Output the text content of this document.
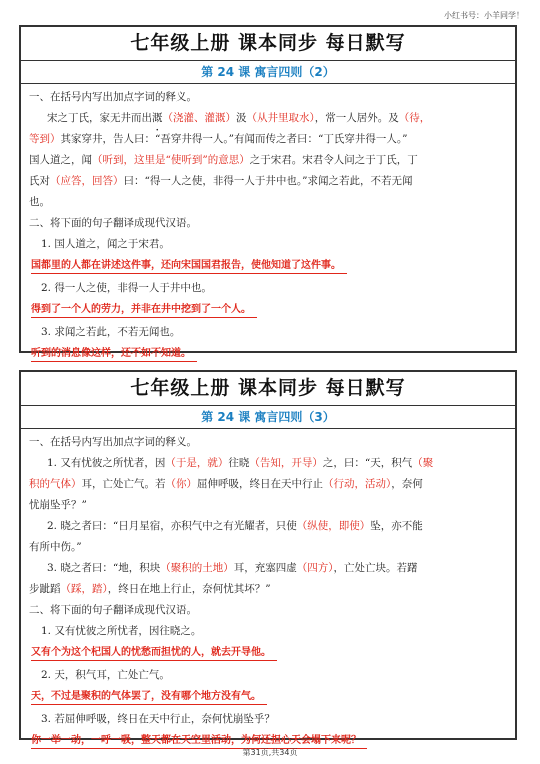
小红书号：小羊同学！
七年级上册 课本同步 每日默写
第 24 课 寓言四则（2）
一、在括号内写出加点字词的释义。
宋之丁氏，家无井而出溉（浇灌、灌溉）汲（从井里取水），常一人居外。及（待，
等到）其家穿井，告人曰：“吾穿井得一人。”有闻而传之者曰：“丁氏穿井得一人。”
国人道之，闻（听到，这里是“使听到”的意思）之于宋君。宋君令人问之于丁氏，丁
氏对（应答，回答）曰：“得一人之使，非得一人于井中也。”求闻之若此，不若无闻
也。
二、将下面的句子翻译成现代汉语。
1. 国人道之，闻之于宋君。
国都里的人都在讲述这件事，还向宋国国君报告，使他知道了这件事。
2. 得一人之使，非得一人于井中也。
得到了一个人的劳力，并非在井中挖到了一个人。
3. 求闻之若此，不若无闻也。
听到的消息像这样，还不如不知道。
七年级上册 课本同步 每日默写
第 24 课 寓言四则（3）
一、在括号内写出加点字词的释义。
1. 又有忧彼之所忧者，因（于是，就）往晓（告知，开导）之，曰：“天，积气（聚
积的气体）耳，亡处亡气。若（你）屈伸呼吸，终日在天中行止（行动，活动），奈何
忧崩坠乎？”
2. 晓之者曰：“日月星宿，亦积气中之有光耀者，只使（纵使，即使）坠，亦不能
有所中伤。”
3. 晓之者曰：“地，积块（聚积的土地）耳，充塞四虚（四方），亡处亡块。若躇
步跐蹈（踩，踏），终日在地上行止，奈何忧其坏？”
二、将下面的句子翻译成现代汉语。
1. 又有忧彼之所忧者，因往晓之。
又有个为这个杞国人的忧愁而担忧的人，就去开导他。
2. 天，积气耳，亡处亡气。
天，不过是聚积的气体罢了，没有哪个地方没有气。
3. 若屈伸呼吸，终日在天中行止，奈何忧崩坠乎？
你一举一动，一呼一吸，整天都在天空里活动，为何还担心天会塌下来呢？
第31页,共34页
